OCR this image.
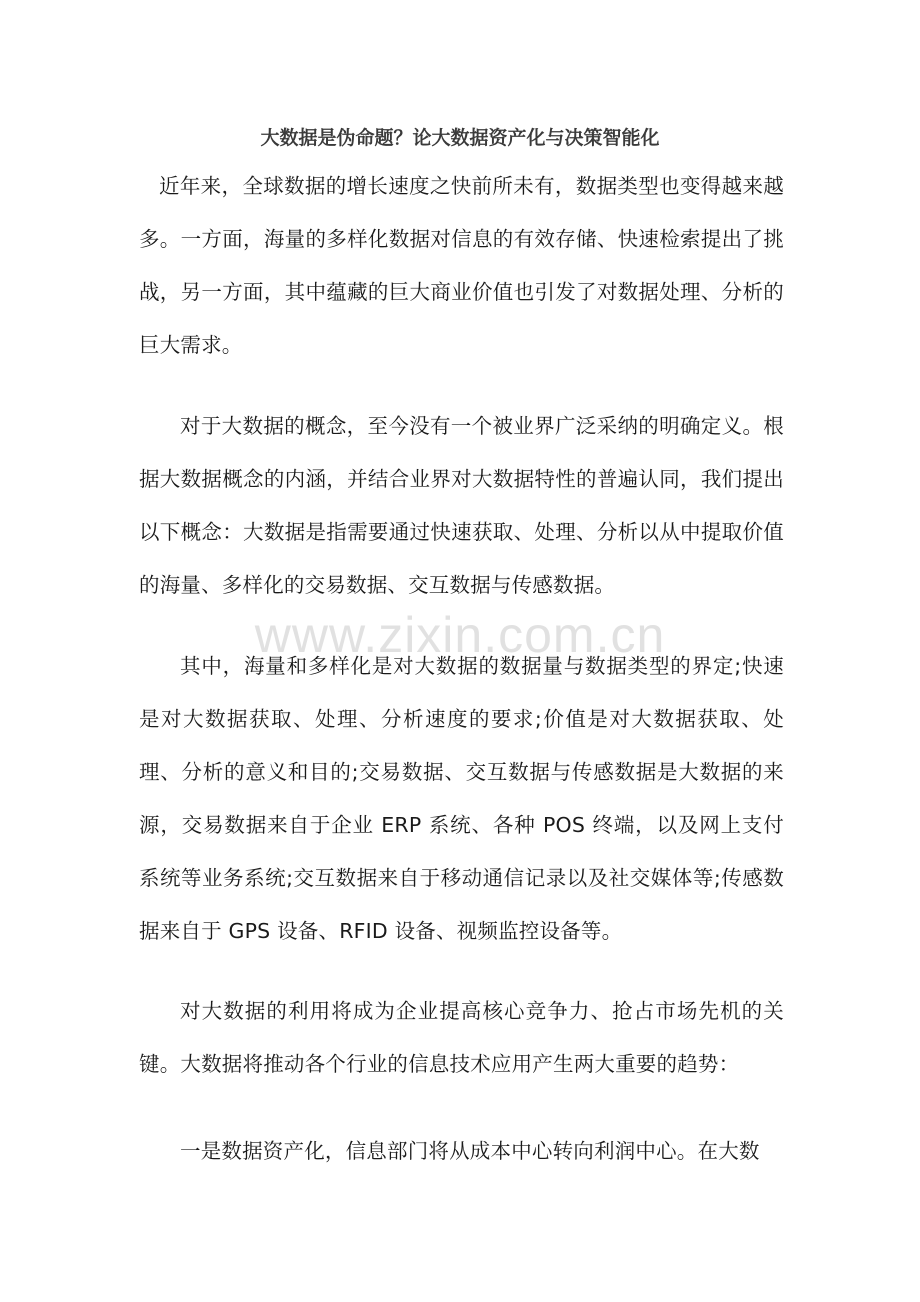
大数据是伪命题？论大数据资产化与决策智能化

近年来，全球数据的增长速度之快前所未有，数据类型也变得越来越多。一方面，海量的多样化数据对信息的有效存储、快速检索提出了挑战，另一方面，其中蕴藏的巨大商业价值也引发了对数据处理、分析的巨大需求。

对于大数据的概念，至今没有一个被业界广泛采纳的明确定义。根据大数据概念的内涵，并结合业界对大数据特性的普遍认同，我们提出以下概念：大数据是指需要通过快速获取、处理、分析以从中提取价值的海量、多样化的交易数据、交互数据与传感数据。

其中，海量和多样化是对大数据的数据量与数据类型的界定;快速是对大数据获取、处理、分析速度的要求;价值是对大数据获取、处理、分析的意义和目的;交易数据、交互数据与传感数据是大数据的来源，交易数据来自于企业 ERP 系统、各种 POS 终端，以及网上支付系统等业务系统;交互数据来自于移动通信记录以及社交媒体等;传感数据来自于 GPS 设备、RFID 设备、视频监控设备等。

对大数据的利用将成为企业提高核心竞争力、抢占市场先机的关键。大数据将推动各个行业的信息技术应用产生两大重要的趋势：

一是数据资产化，信息部门将从成本中心转向利润中心。在大数

www.zixin.com.cn
